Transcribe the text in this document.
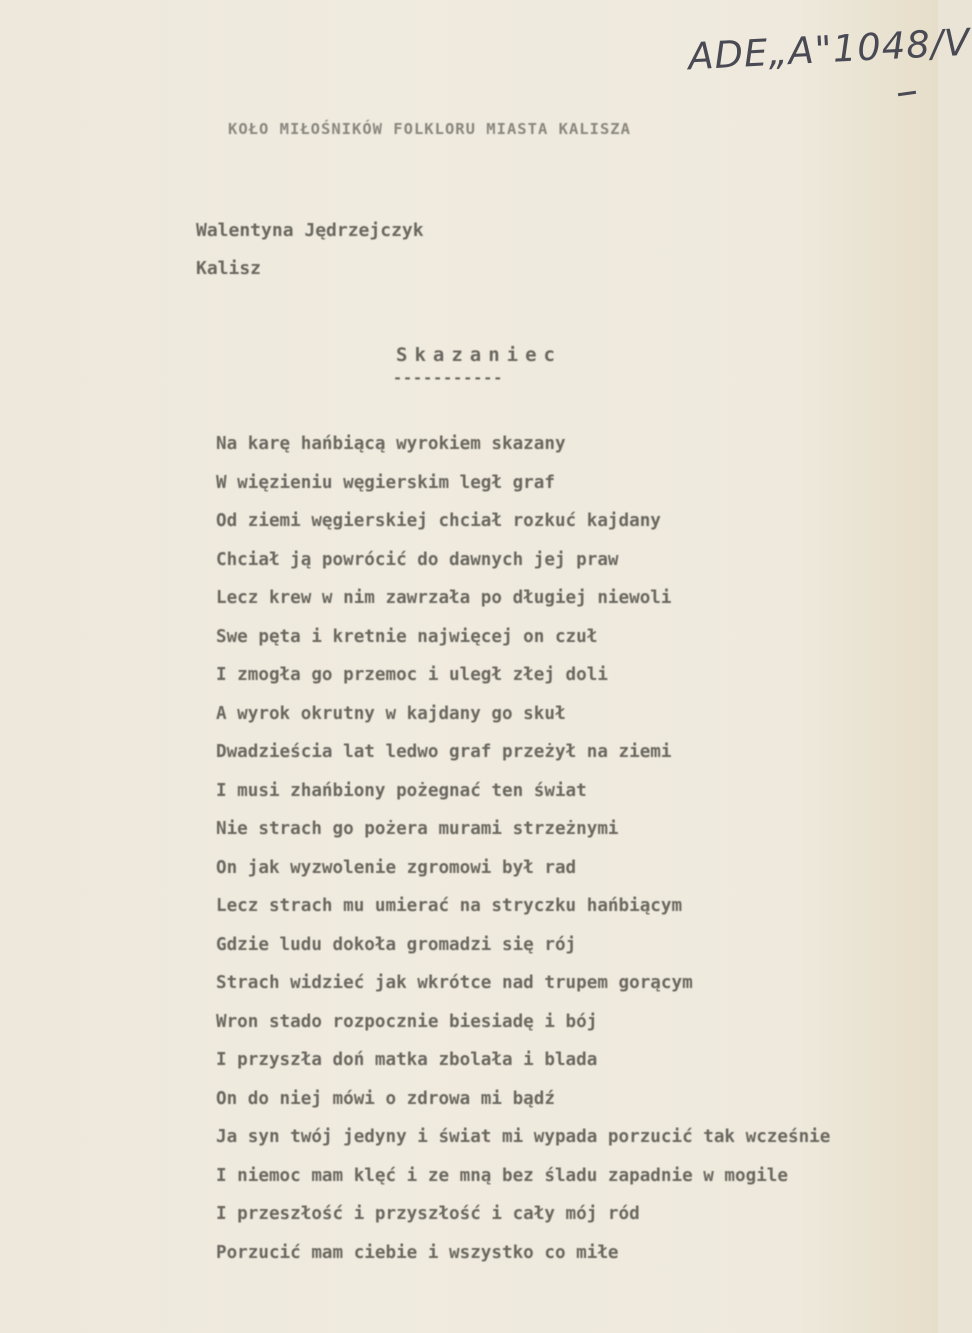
ADE„A"1048/V
KOŁO MIŁOŚNIKÓW FOLKLORU MIASTA KALISZA
Walentyna Jędrzejczyk
Kalisz
Skazaniec
-----------
Na karę hańbiącą wyrokiem skazany
W więzieniu węgierskim legł graf
Od ziemi węgierskiej chciał rozkuć kajdany
Chciał ją powrócić do dawnych jej praw
Lecz krew w nim zawrzała po długiej niewoli
Swe pęta i kretnie najwięcej on czuł
I zmogła go przemoc i uległ złej doli
A wyrok okrutny w kajdany go skuł
Dwadzieścia lat ledwo graf przeżył na ziemi
I musi zhańbiony pożegnać ten świat
Nie strach go pożera murami strzeżnymi
On jak wyzwolenie zgromowi był rad
Lecz strach mu umierać na stryczku hańbiącym
Gdzie ludu dokoła gromadzi się rój
Strach widzieć jak wkrótce nad trupem gorącym
Wron stado rozpocznie biesiadę i bój
I przyszła doń matka zbolała i blada
On do niej mówi o zdrowa mi bądź
Ja syn twój jedyny i świat mi wypada porzucić tak wcześnie
I niemoc mam klęć i ze mną bez śladu zapadnie w mogile
I przeszłość i przyszłość i cały mój ród
Porzucić mam ciebie i wszystko co miłe
